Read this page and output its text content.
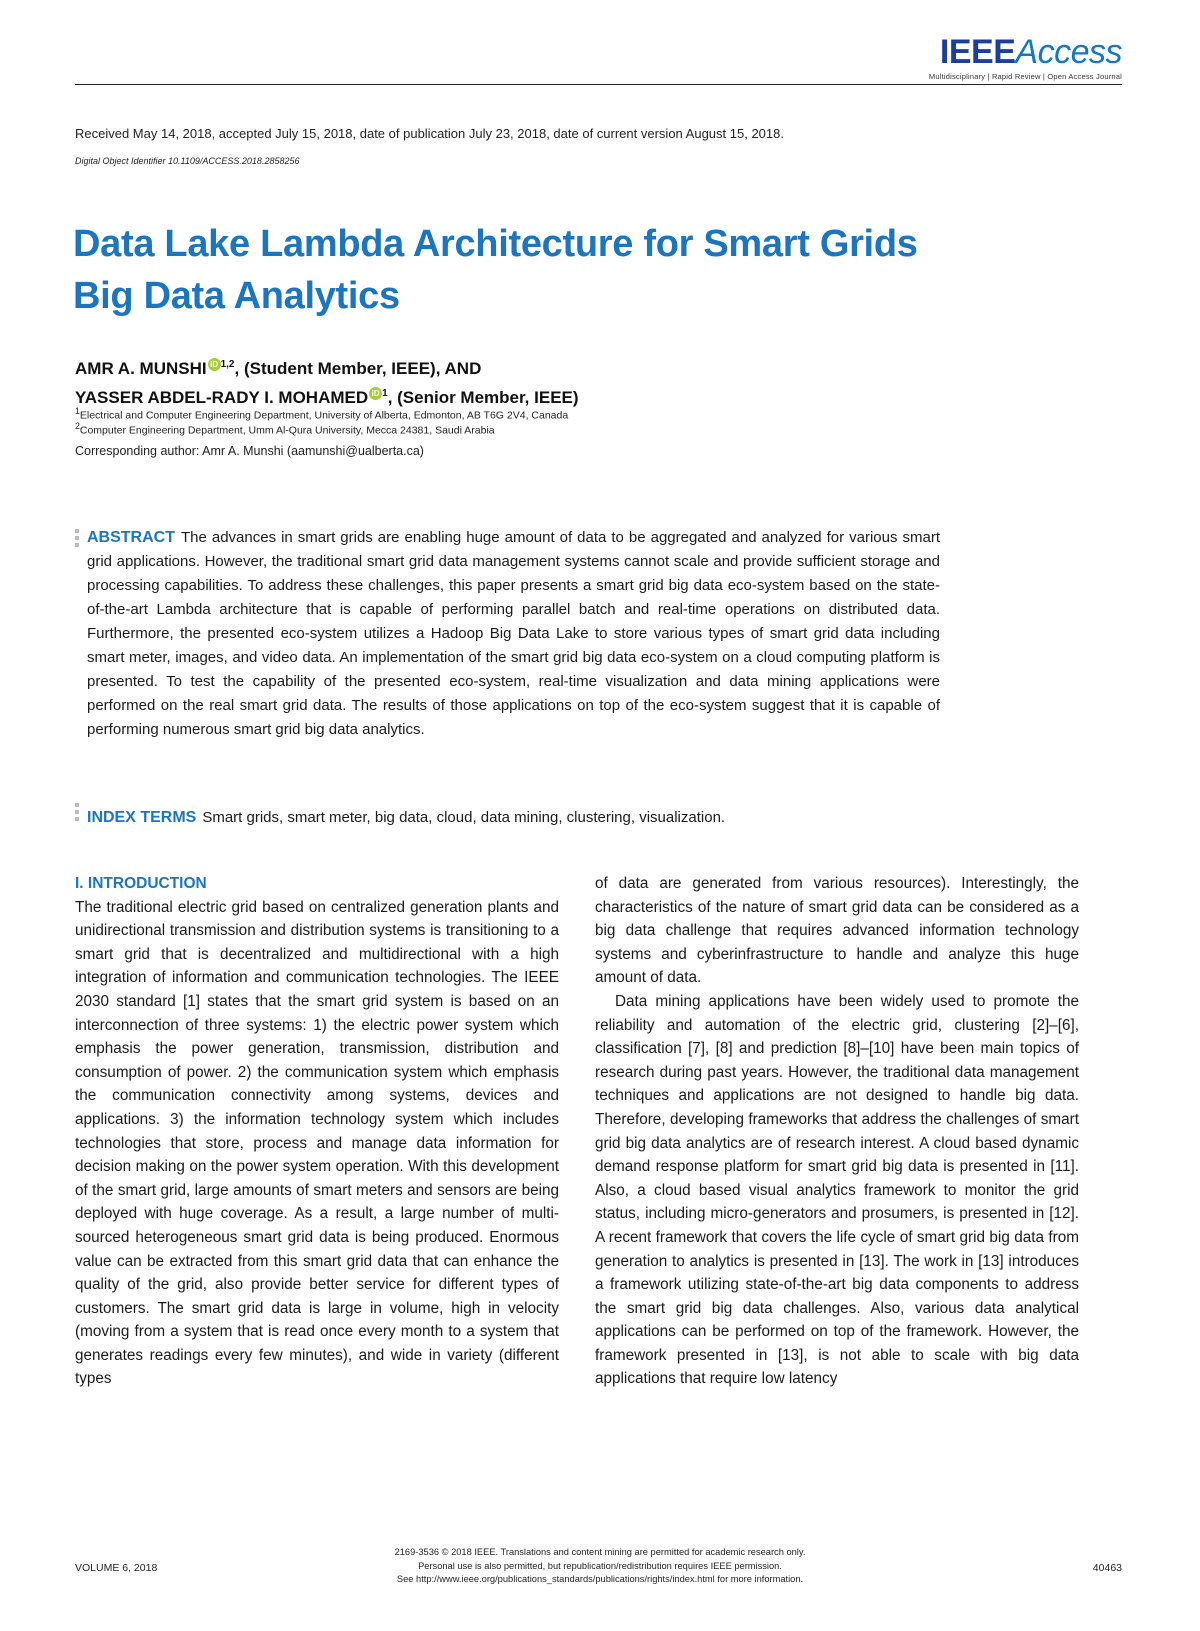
IEEEAccess
Multidisciplinary | Rapid Review | Open Access Journal
Received May 14, 2018, accepted July 15, 2018, date of publication July 23, 2018, date of current version August 15, 2018.
Digital Object Identifier 10.1109/ACCESS.2018.2858256
Data Lake Lambda Architecture for Smart Grids Big Data Analytics
AMR A. MUNSHI iD $^{1,2}$, (Student Member, IEEE), AND
YASSER ABDEL-RADY I. MOHAMED iD $^1$, (Senior Member, IEEE)
$^1$Electrical and Computer Engineering Department, University of Alberta, Edmonton, AB T6G 2V4, Canada
$^2$Computer Engineering Department, Umm Al-Qura University, Mecca 24381, Saudi Arabia
Corresponding author: Amr A. Munshi (aamunshi@ualberta.ca)

ABSTRACT The advances in smart grids are enabling huge amount of data to be aggregated and analyzed for various smart grid applications. However, the traditional smart grid data management systems cannot scale and provide sufficient storage and processing capabilities. To address these challenges, this paper presents a smart grid big data eco-system based on the state-of-the-art Lambda architecture that is capable of performing parallel batch and real-time operations on distributed data. Furthermore, the presented eco-system utilizes a Hadoop Big Data Lake to store various types of smart grid data including smart meter, images, and video data. An implementation of the smart grid big data eco-system on a cloud computing platform is presented. To test the capability of the presented eco-system, real-time visualization and data mining applications were performed on the real smart grid data. The results of those applications on top of the eco-system suggest that it is capable of performing numerous smart grid big data analytics.

INDEX TERMS Smart grids, smart meter, big data, cloud, data mining, clustering, visualization.
I. INTRODUCTION

The traditional electric grid based on centralized generation plants and unidirectional transmission and distribution systems is transitioning to a smart grid that is decentralized and multidirectional with a high integration of information and communication technologies. The IEEE 2030 standard [1] states that the smart grid system is based on an interconnection of three systems: 1) the electric power system which emphasis the power generation, transmission, distribution and consumption of power. 2) the communication system which emphasis the communication connectivity among systems, devices and applications. 3) the information technology system which includes technologies that store, process and manage data information for decision making on the power system operation. With this development of the smart grid, large amounts of smart meters and sensors are being deployed with huge coverage. As a result, a large number of multi-sourced heterogeneous smart grid data is being produced. Enormous value can be extracted from this smart grid data that can enhance the quality of the grid, also provide better service for different types of customers. The smart grid data is large in volume, high in velocity (moving from a system that is read once every month to a system that generates readings every few minutes), and wide in variety (different types

of data are generated from various resources). Interestingly, the characteristics of the nature of smart grid data can be considered as a big data challenge that requires advanced information technology systems and cyberinfrastructure to handle and analyze this huge amount of data.

Data mining applications have been widely used to promote the reliability and automation of the electric grid, clustering [2]–[6], classification [7], [8] and prediction [8]–[10] have been main topics of research during past years. However, the traditional data management techniques and applications are not designed to handle big data. Therefore, developing frameworks that address the challenges of smart grid big data analytics are of research interest. A cloud based dynamic demand response platform for smart grid big data is presented in [11]. Also, a cloud based visual analytics framework to monitor the grid status, including micro-generators and prosumers, is presented in [12]. A recent framework that covers the life cycle of smart grid big data from generation to analytics is presented in [13]. The work in [13] introduces a framework utilizing state-of-the-art big data components to address the smart grid big data challenges. Also, various data analytical applications can be performed on top of the framework. However, the framework presented in [13], is not able to scale with big data applications that require low latency

VOLUME 6, 2018
2169-3536 © 2018 IEEE. Translations and content mining are permitted for academic research only.
Personal use is also permitted, but republication/redistribution requires IEEE permission.
See http://www.ieee.org/publications_standards/publications/rights/index.html for more information.
40463
